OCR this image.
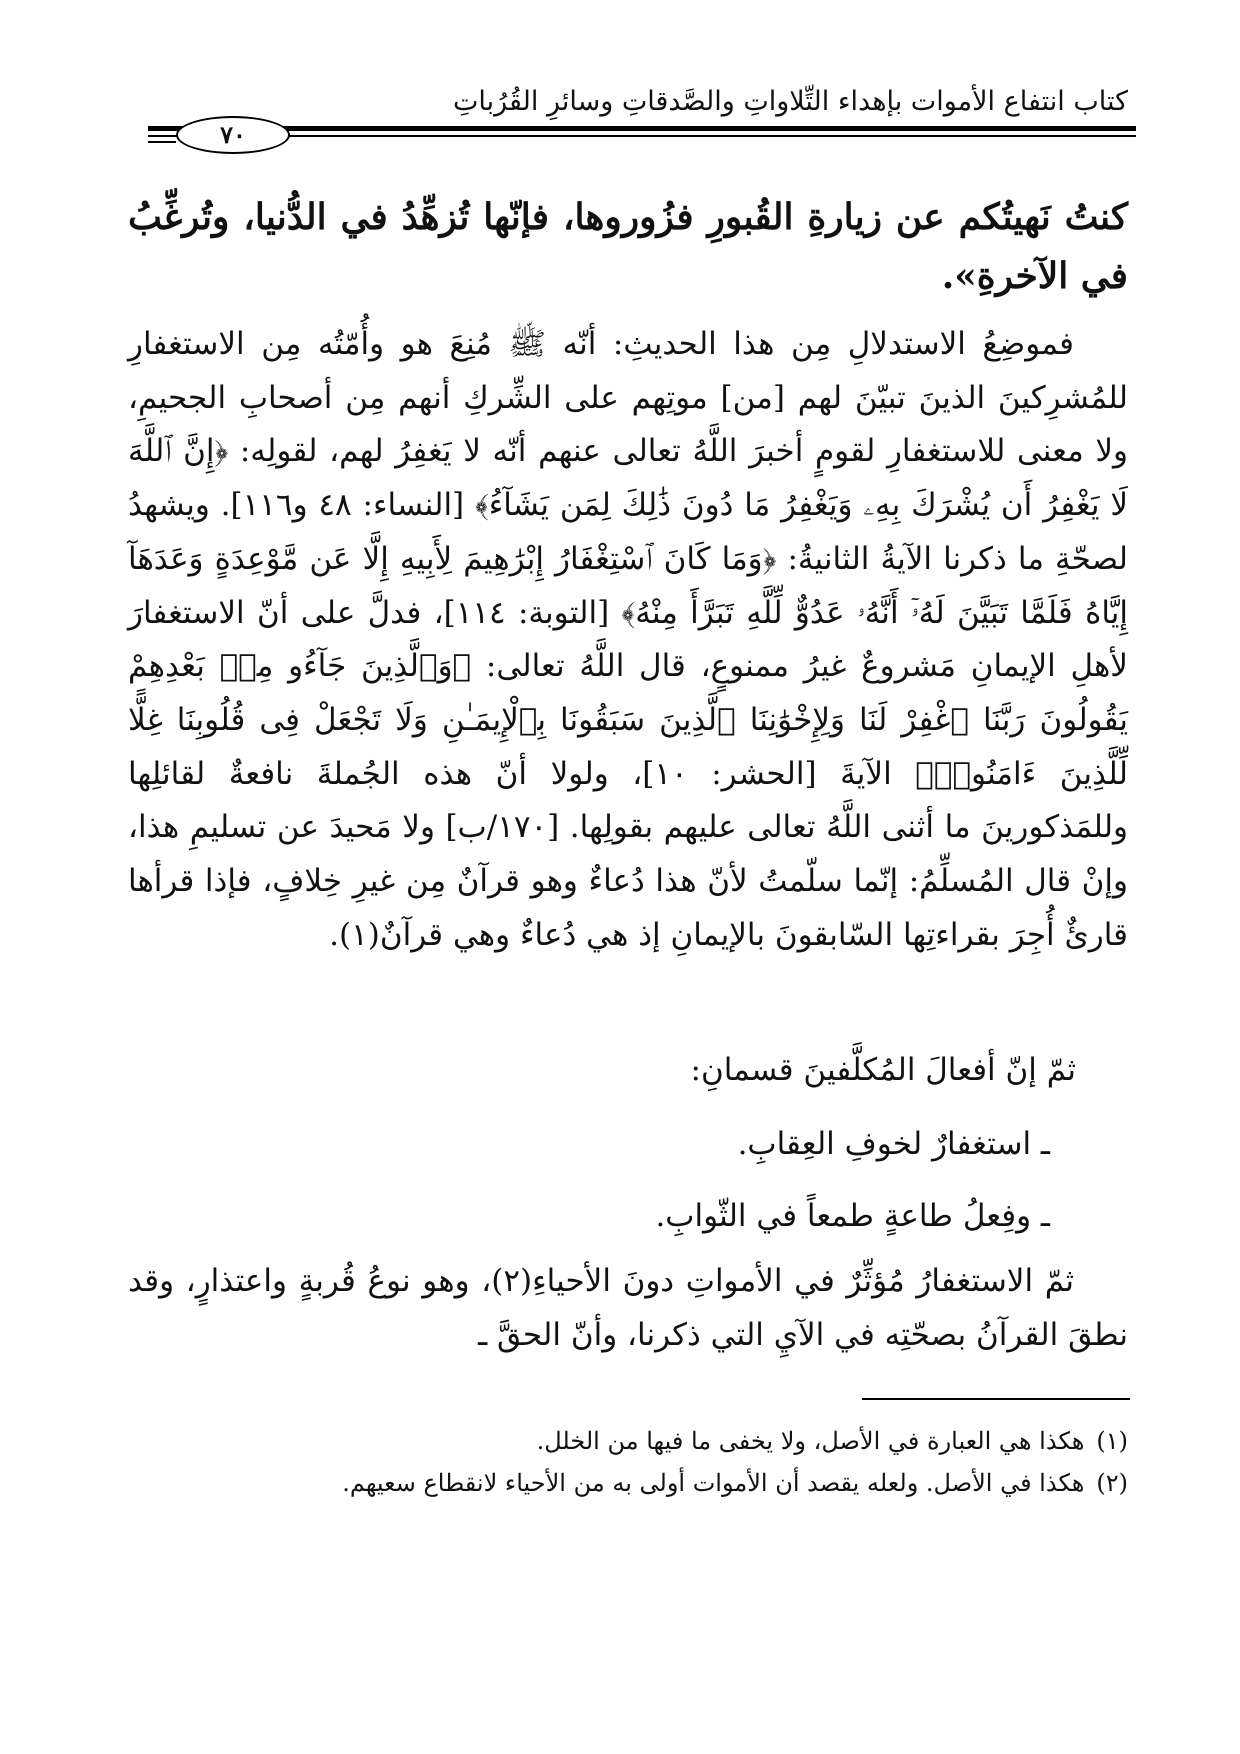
كتاب انتفاع الأموات بإهداء التِّلاواتِ والصَّدقاتِ وسائرِ القُرُباتِ
٧٠
كنتُ نَهيتُكم عن زيارةِ القُبورِ فزُوروها، فإنّها تُزهِّدُ في الدُّنيا، وتُرغِّبُ في الآخرةِ».

فموضِعُ الاستدلالِ مِن هذا الحديثِ: أنّه ﷺ مُنِعَ هو وأُمّتُه مِن الاستغفارِ للمُشرِكينَ الذينَ تبيّنَ لهم [من] موتِهم على الشِّركِ أنهم مِن أصحابِ الجحيمِ، ولا معنى للاستغفارِ لقومٍ أخبرَ اللَّهُ تعالى عنهم أنّه لا يَغفِرُ لهم، لقولِه: ﴿إِنَّ ٱللَّهَ لَا يَغْفِرُ أَن يُشْرَكَ بِهِۦ وَيَغْفِرُ مَا دُونَ ذَٰلِكَ لِمَن يَشَآءُ﴾ [النساء: ٤٨ و١١٦]. ويشهدُ لصحّةِ ما ذكرنا الآيةُ الثانيةُ: ﴿وَمَا كَانَ ٱسْتِغْفَارُ إِبْرَٰهِيمَ لِأَبِيهِ إِلَّا عَن مَّوْعِدَةٍ وَعَدَهَآ إِيَّاهُ فَلَمَّا تَبَيَّنَ لَهُۥٓ أَنَّهُۥ عَدُوٌّ لِّلَّهِ تَبَرَّأَ مِنْهُ﴾ [التوبة: ١١٤]، فدلَّ على أنّ الاستغفارَ لأهلِ الإيمانِ مَشروعٌ غيرُ ممنوعٍ، قال اللَّهُ تعالى: ﴿وَٱلَّذِينَ جَآءُو مِنۢ بَعْدِهِمْ يَقُولُونَ رَبَّنَا ٱغْفِرْ لَنَا وَلِإِخْوَٰنِنَا ٱلَّذِينَ سَبَقُونَا بِٱلْإِيمَـٰنِ وَلَا تَجْعَلْ فِى قُلُوبِنَا غِلًّا لِّلَّذِينَ ءَامَنُوا۟﴾ الآيةَ [الحشر: ١٠]، ولولا أنّ هذه الجُملةَ نافعةٌ لقائلِها وللمَذكورينَ ما أثنى اللَّهُ تعالى عليهم بقولِها. [١٧٠/ب] ولا مَحيدَ عن تسليمِ هذا، وإنْ قال المُسلِّمُ: إنّما سلّمتُ لأنّ هذا دُعاءٌ وهو قرآنٌ مِن غيرِ خِلافٍ، فإذا قرأها قارئٌ أُجِرَ بقراءتِها السّابقونَ بالإيمانِ إذ هي دُعاءٌ وهي قرآنٌ(١).

ثمّ إنّ أفعالَ المُكلَّفينَ قسمانِ:
ـ استغفارٌ لخوفِ العِقابِ.
ـ وفِعلُ طاعةٍ طمعاً في الثّوابِ.

ثمّ الاستغفارُ مُؤثِّرٌ في الأمواتِ دونَ الأحياءِ(٢)، وهو نوعُ قُربةٍ واعتذارٍ، وقد نطقَ القرآنُ بصحّتِه في الآيِ التي ذكرنا، وأنّ الحقَّ ـ

(١)هكذا هي العبارة في الأصل، ولا يخفى ما فيها من الخلل.
(٢)هكذا في الأصل. ولعله يقصد أن الأموات أولى به من الأحياء لانقطاع سعيهم.
